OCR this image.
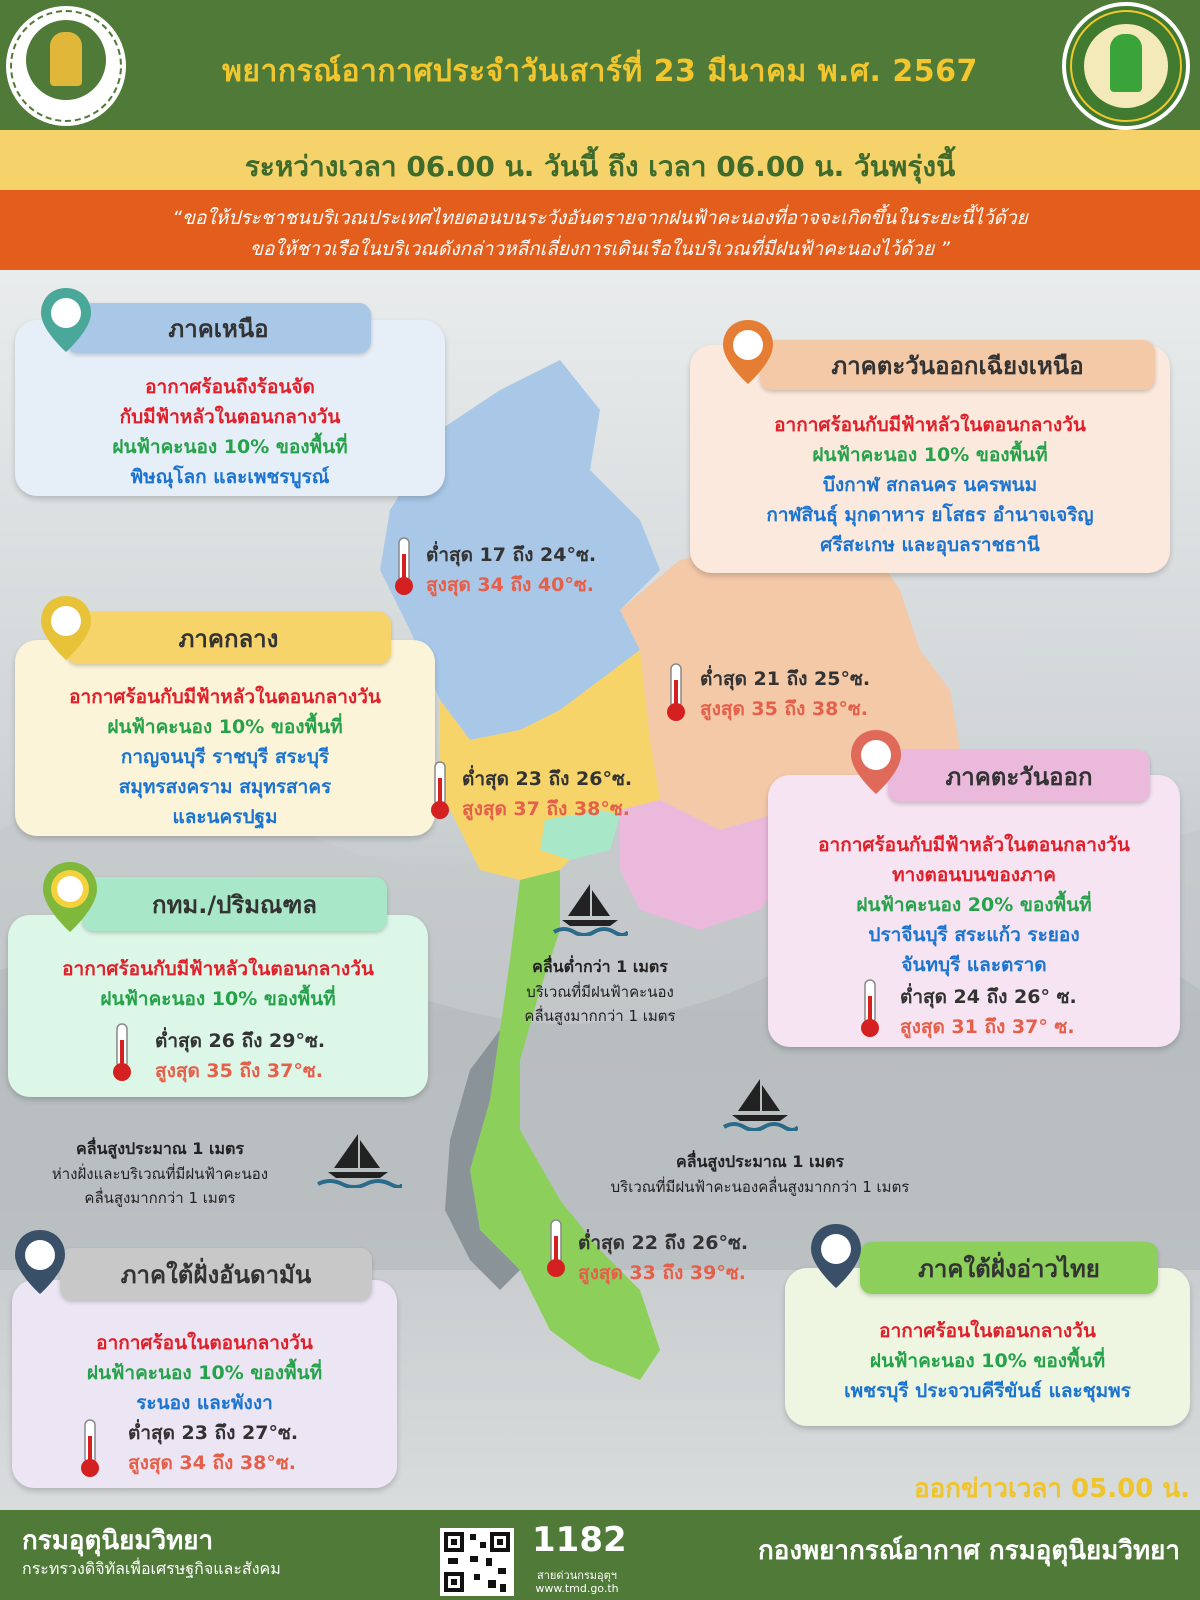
พยากรณ์อากาศประจำวันเสาร์ที่ 23 มีนาคม พ.ศ. 2567
ระหว่างเวลา 06.00 น. วันนี้ ถึง เวลา 06.00 น. วันพรุ่งนี้
“ขอให้ประชาชนบริเวณประเทศไทยตอนบนระวังอันตรายจากฝนฟ้าคะนองที่อาจจะเกิดขึ้นในระยะนี้ไว้ด้วย
ขอให้ชาวเรือในบริเวณดังกล่าวหลีกเลี่ยงการเดินเรือในบริเวณที่มีฝนฟ้าคะนองไว้ด้วย ”
ภาคเหนือ
อากาศร้อนถึงร้อนจัด
กับมีฟ้าหลัวในตอนกลางวัน
ฝนฟ้าคะนอง 10% ของพื้นที่
พิษณุโลก และเพชรบูรณ์
ต่ำสุด 17 ถึง 24°ซ.
สูงสุด 34 ถึง 40°ซ.
ภาคตะวันออกเฉียงเหนือ
อากาศร้อนกับมีฟ้าหลัวในตอนกลางวัน
ฝนฟ้าคะนอง 10% ของพื้นที่
บึงกาฬ สกลนคร นครพนม
กาฬสินธุ์ มุกดาหาร ยโสธร อำนาจเจริญ
ศรีสะเกษ และอุบลราชธานี
ต่ำสุด 21 ถึง 25°ซ.
สูงสุด 35 ถึง 38°ซ.
ภาคกลาง
อากาศร้อนกับมีฟ้าหลัวในตอนกลางวัน
ฝนฟ้าคะนอง 10% ของพื้นที่
กาญจนบุรี ราชบุรี สระบุรี
สมุทรสงคราม สมุทรสาคร
และนครปฐม
ต่ำสุด 23 ถึง 26°ซ.
สูงสุด 37 ถึง 38°ซ.
ภาคตะวันออก
อากาศร้อนกับมีฟ้าหลัวในตอนกลางวัน
ทางตอนบนของภาค
ฝนฟ้าคะนอง 20% ของพื้นที่
ปราจีนบุรี สระแก้ว ระยอง
จันทบุรี และตราด
ต่ำสุด 24 ถึง 26° ซ.
สูงสุด 31 ถึง 37° ซ.
กทม./ปริมณฑล
อากาศร้อนกับมีฟ้าหลัวในตอนกลางวัน
ฝนฟ้าคะนอง 10% ของพื้นที่
ต่ำสุด 26 ถึง 29°ซ.
สูงสุด 35 ถึง 37°ซ.
คลื่นต่ำกว่า 1 เมตร
บริเวณที่มีฝนฟ้าคะนอง
คลื่นสูงมากกว่า 1 เมตร
คลื่นสูงประมาณ 1 เมตร
ห่างฝั่งและบริเวณที่มีฝนฟ้าคะนอง
คลื่นสูงมากกว่า 1 เมตร
คลื่นสูงประมาณ 1 เมตร
บริเวณที่มีฝนฟ้าคะนองคลื่นสูงมากกว่า 1 เมตร
ต่ำสุด 22 ถึง 26°ซ.
สูงสุด 33 ถึง 39°ซ.
ภาคใต้ฝั่งอันดามัน
อากาศร้อนในตอนกลางวัน
ฝนฟ้าคะนอง 10% ของพื้นที่
ระนอง และพังงา
ต่ำสุด 23 ถึง 27°ซ.
สูงสุด 34 ถึง 38°ซ.
ภาคใต้ฝั่งอ่าวไทย
อากาศร้อนในตอนกลางวัน
ฝนฟ้าคะนอง 10% ของพื้นที่
เพชรบุรี ประจวบคีรีขันธ์ และชุมพร
ออกข่าวเวลา 05.00 น.
กรมอุตุนิยมวิทยา
กระทรวงดิจิทัลเพื่อเศรษฐกิจและสังคม
1182
สายด่วนกรมอุตุฯ
www.tmd.go.th
กองพยากรณ์อากาศ กรมอุตุนิยมวิทยา
